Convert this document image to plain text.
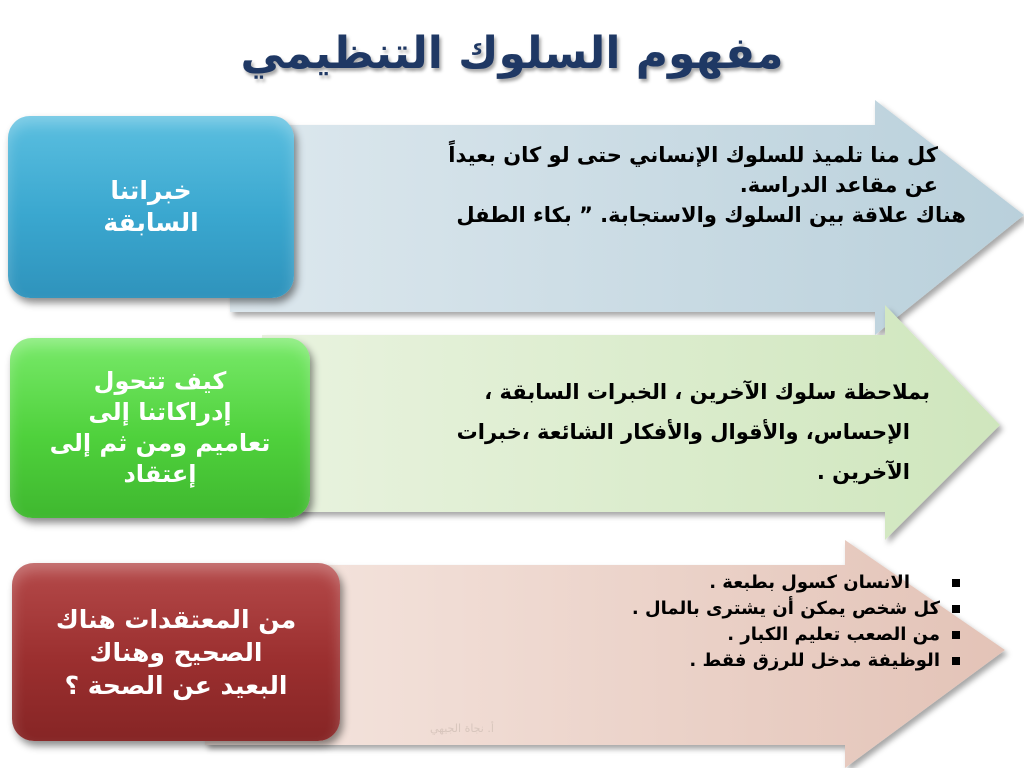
مفهوم السلوك التنظيمي
خبراتنا
السابقة

كل منا تلميذ للسلوك الإنساني حتى لو كان بعيداً

عن مقاعد الدراسة.

هناك علاقة بين السلوك والاستجابة. ” بكاء الطفل

كيف تتحول
إدراكاتنا إلى
تعاميم ومن ثم إلى
إعتقاد

بملاحظة سلوك الآخرين ، الخبرات السابقة ،

الإحساس، والأقوال والأفكار الشائعة ،خبرات

الآخرين .

من المعتقدات هناك
الصحيح وهناك
البعيد عن الصحة ؟
الانسان كسول بطبعة .
كل شخص يمكن أن يشترى بالمال .
من الصعب تعليم الكبار .
الوظيفة مدخل للرزق فقط .
أ. نجاة الجيهي
